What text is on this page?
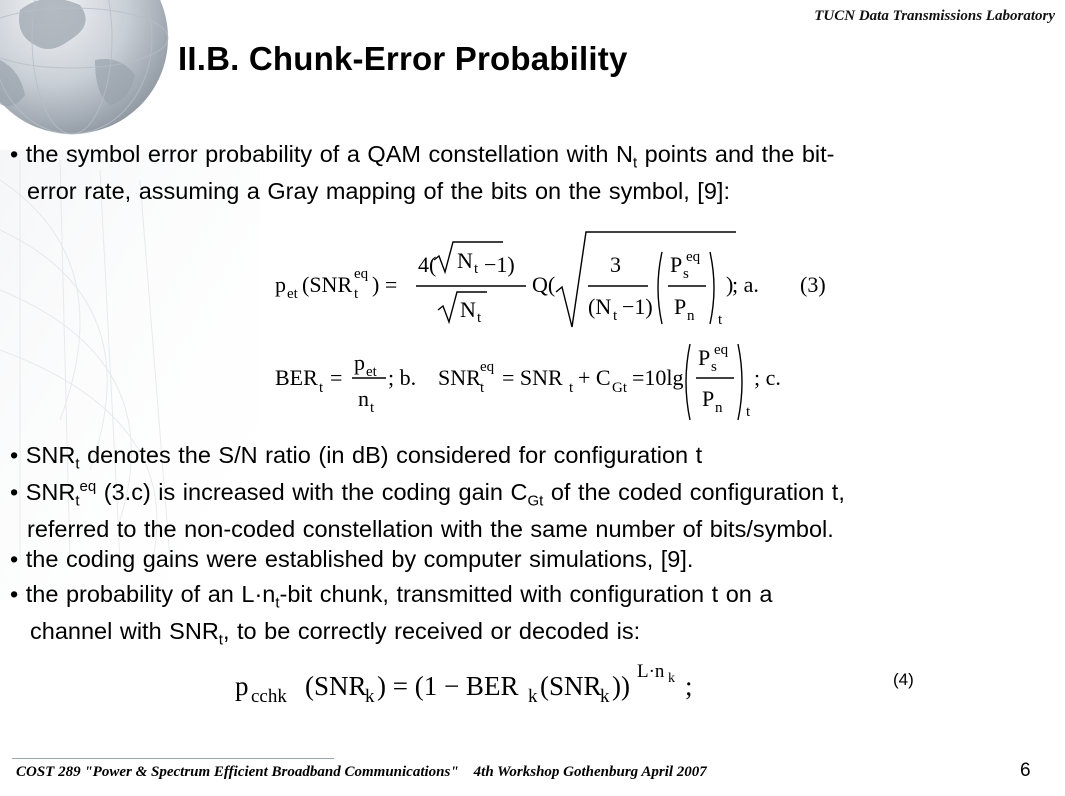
TUCN Data Transmissions Laboratory
II.B. Chunk-Error Probability
• the symbol error probability of a QAM constellation with $N_t$ points and the bit-
error rate, assuming a Gray mapping of the bits on the symbol, [9]:
p et (SNR t
eq ) =
4( N t −1)
N t
Q(
3
(N t −1)
P s
eq
P n t
)
; a. (3)
BER t =
p et
n t
; b. SNR t
eq = SNR t + C Gt =10lg
P s
eq
P n t
; c.
• $SNR_t$ denotes the S/N ratio (in dB) considered for configuration t
• $SNR_t^{eq}$ (3.c) is increased with the coding gain $C_{Gt}$ of the coded configuration t,
referred to the non-coded constellation with the same number of bits/symbol.
• the coding gains were established by computer simulations, [9].
• the probability of an $L\cdot n_t$-bit chunk, transmitted with configuration t on a
channel with $SNR_t$, to be correctly received or decoded is:
p cchk (SNR
k ) = (1 − BER k (SNR
k )) L·n k ;	(4)
COST 289 "Power & Spectrum Efficient Broadband Communications"    4th Workshop Gothenburg April 2007	6
